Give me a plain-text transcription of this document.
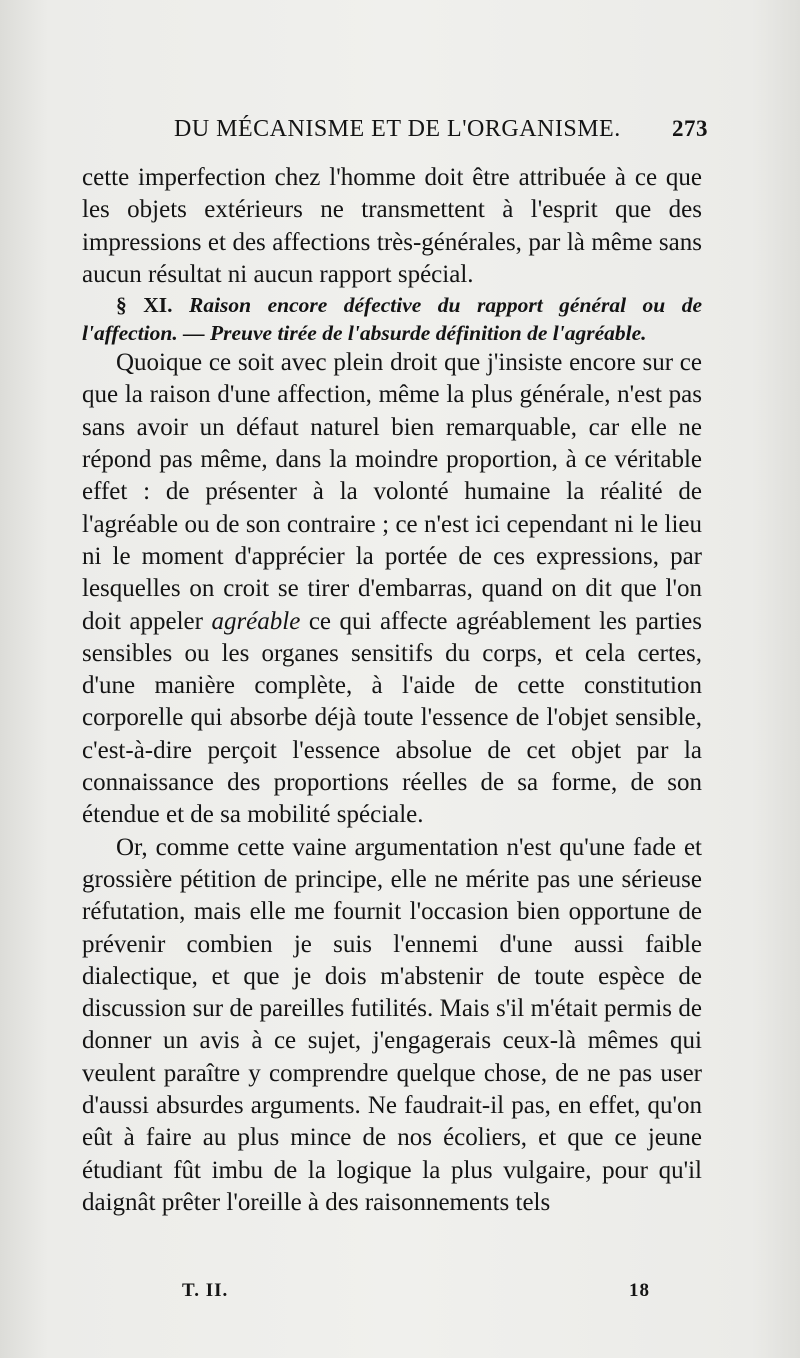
DU MÉCANISME ET DE L'ORGANISME. 273

cette imperfection chez l'homme doit être attribuée à ce que les objets extérieurs ne transmettent à l'esprit que des impressions et des affections très-générales, par là même sans aucun résultat ni aucun rapport spécial.

§ XI. Raison encore défective du rapport général ou de l'affection. — Preuve tirée de l'absurde définition de l'agréable.

Quoique ce soit avec plein droit que j'insiste encore sur ce que la raison d'une affection, même la plus générale, n'est pas sans avoir un défaut naturel bien remarquable, car elle ne répond pas même, dans la moindre proportion, à ce véritable effet : de présenter à la volonté humaine la réalité de l'agréable ou de son contraire ; ce n'est ici cependant ni le lieu ni le moment d'apprécier la portée de ces expressions, par lesquelles on croit se tirer d'embarras, quand on dit que l'on doit appeler agréable ce qui affecte agréablement les parties sensibles ou les organes sensitifs du corps, et cela certes, d'une manière complète, à l'aide de cette constitution corporelle qui absorbe déjà toute l'essence de l'objet sensible, c'est-à-dire perçoit l'essence absolue de cet objet par la connaissance des proportions réelles de sa forme, de son étendue et de sa mobilité spéciale.

Or, comme cette vaine argumentation n'est qu'une fade et grossière pétition de principe, elle ne mérite pas une sérieuse réfutation, mais elle me fournit l'occasion bien opportune de prévenir combien je suis l'ennemi d'une aussi faible dialectique, et que je dois m'abstenir de toute espèce de discussion sur de pareilles futilités. Mais s'il m'était permis de donner un avis à ce sujet, j'engagerais ceux-là mêmes qui veulent paraître y comprendre quelque chose, de ne pas user d'aussi absurdes arguments. Ne faudrait-il pas, en effet, qu'on eût à faire au plus mince de nos écoliers, et que ce jeune étudiant fût imbu de la logique la plus vulgaire, pour qu'il daignât prêter l'oreille à des raisonnements tels

T. II.	18
